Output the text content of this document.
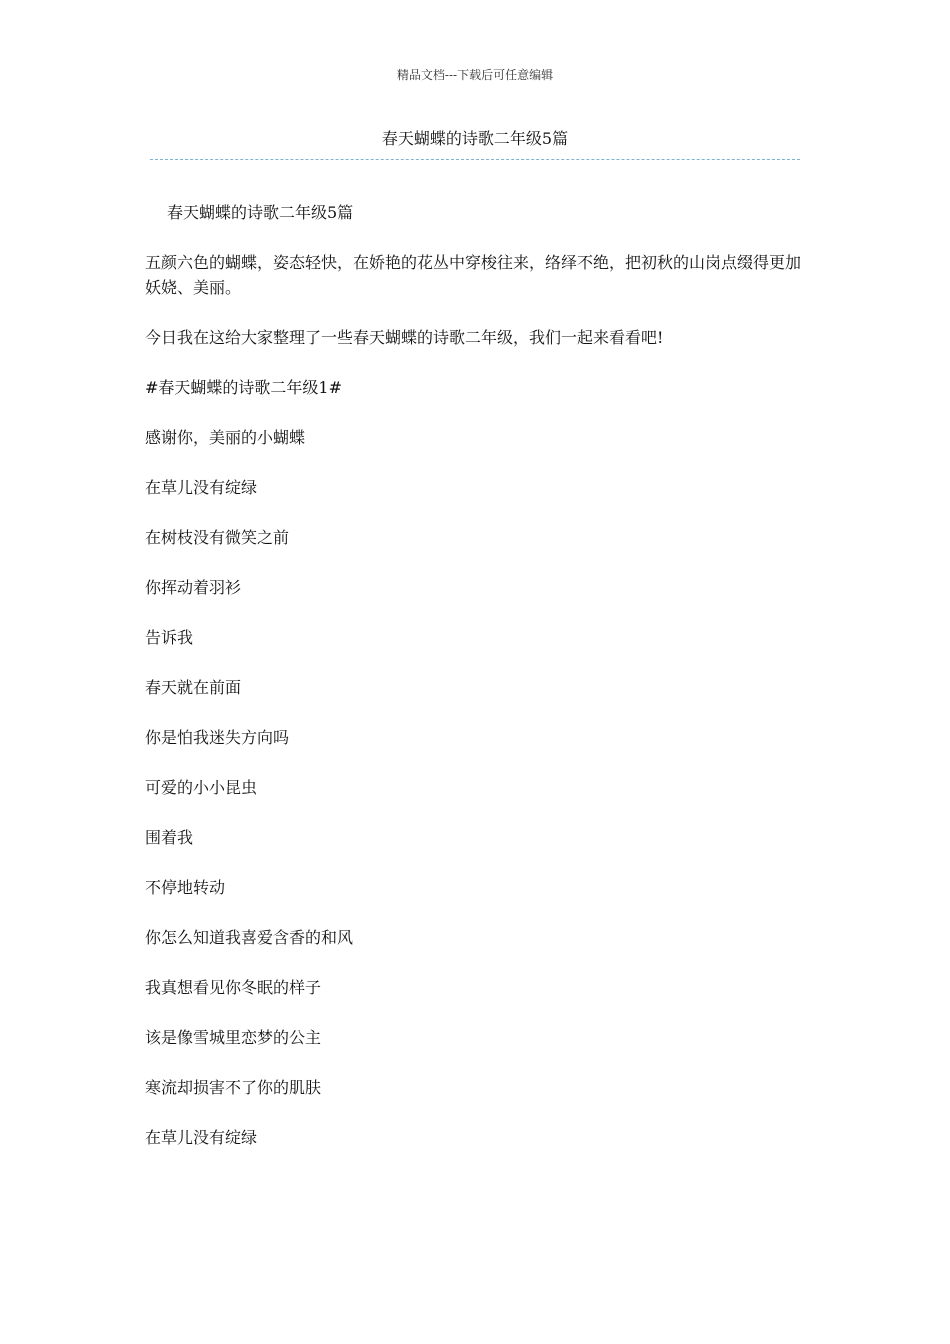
精品文档---下载后可任意编辑
春天蝴蝶的诗歌二年级5篇

春天蝴蝶的诗歌二年级5篇

五颜六色的蝴蝶，姿态轻快，在娇艳的花丛中穿梭往来，络绎不绝，把初秋的山岗点缀得更加妖娆、美丽。

今日我在这给大家整理了一些春天蝴蝶的诗歌二年级，我们一起来看看吧!

#春天蝴蝶的诗歌二年级1#

感谢你，美丽的小蝴蝶

在草儿没有绽绿

在树枝没有微笑之前

你挥动着羽衫

告诉我

春天就在前面

你是怕我迷失方向吗

可爱的小小昆虫

围着我

不停地转动

你怎么知道我喜爱含香的和风

我真想看见你冬眠的样子

该是像雪城里恋梦的公主

寒流却损害不了你的肌肤

在草儿没有绽绿
